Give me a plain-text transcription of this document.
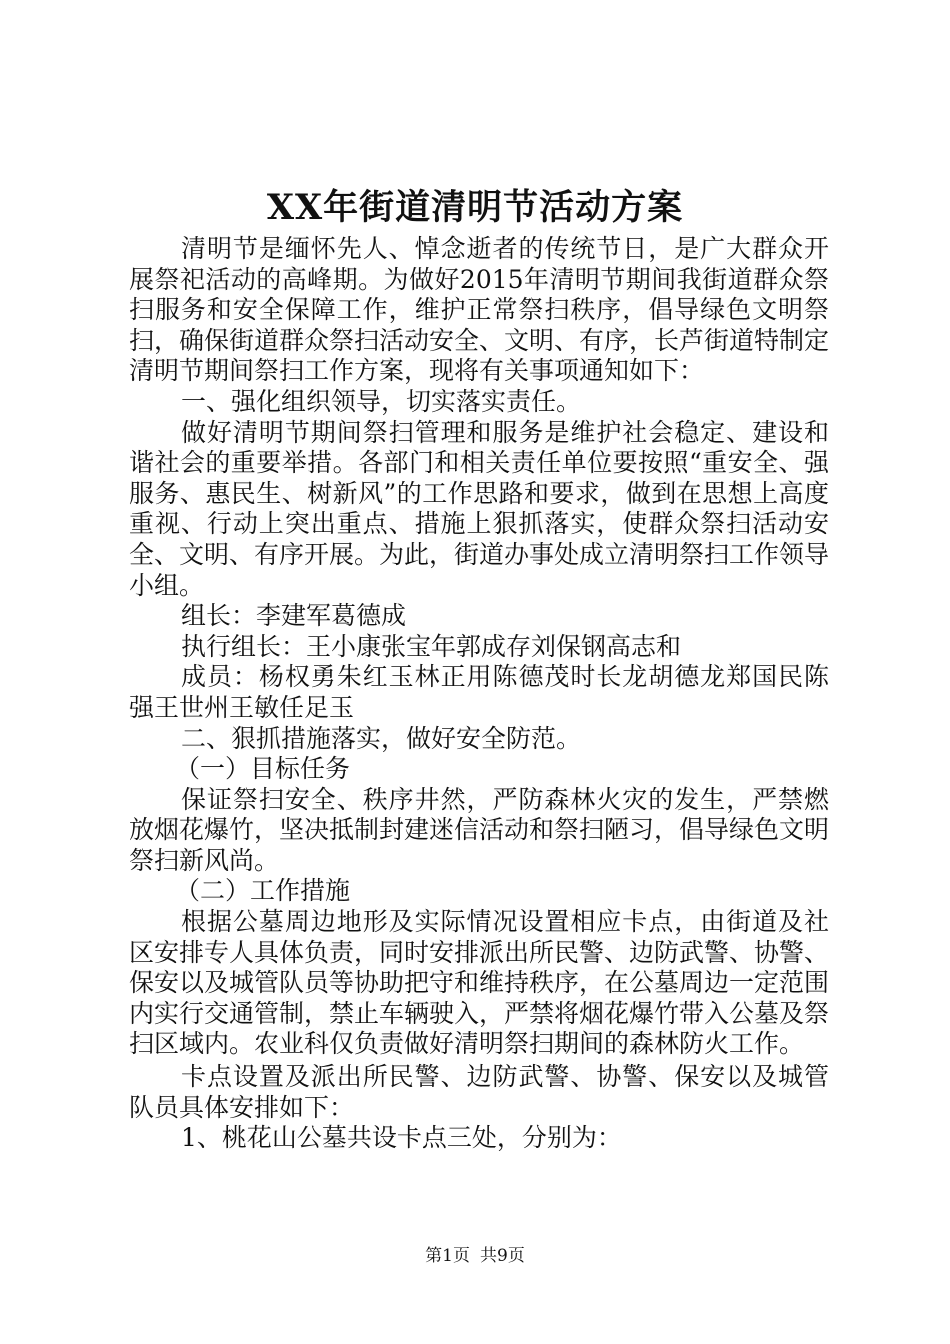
XX年街道清明节活动方案

清明节是缅怀先人、悼念逝者的传统节日，是广大群众开展祭祀活动的高峰期。为做好2015年清明节期间我街道群众祭扫服务和安全保障工作，维护正常祭扫秩序，倡导绿色文明祭扫，确保街道群众祭扫活动安全、文明、有序，长芦街道特制定清明节期间祭扫工作方案，现将有关事项通知如下：

一、强化组织领导，切实落实责任。

做好清明节期间祭扫管理和服务是维护社会稳定、建设和谐社会的重要举措。各部门和相关责任单位要按照“重安全、强服务、惠民生、树新风”的工作思路和要求，做到在思想上高度重视、行动上突出重点、措施上狠抓落实，使群众祭扫活动安全、文明、有序开展。为此，街道办事处成立清明祭扫工作领导小组。

组长：李建军葛德成

执行组长：王小康张宝年郭成存刘保钢高志和

成员：杨权勇朱红玉林正用陈德茂时长龙胡德龙郑国民陈强王世州王敏任足玉

二、狠抓措施落实，做好安全防范。

（一）目标任务

保证祭扫安全、秩序井然，严防森林火灾的发生，严禁燃放烟花爆竹，坚决抵制封建迷信活动和祭扫陋习，倡导绿色文明祭扫新风尚。

（二）工作措施

根据公墓周边地形及实际情况设置相应卡点，由街道及社区安排专人具体负责，同时安排派出所民警、边防武警、协警、保安以及城管队员等协助把守和维持秩序，在公墓周边一定范围内实行交通管制，禁止车辆驶入，严禁将烟花爆竹带入公墓及祭扫区域内。农业科仅负责做好清明祭扫期间的森林防火工作。

卡点设置及派出所民警、边防武警、协警、保安以及城管队员具体安排如下：

1、桃花山公墓共设卡点三处，分别为：

第1页 共9页
